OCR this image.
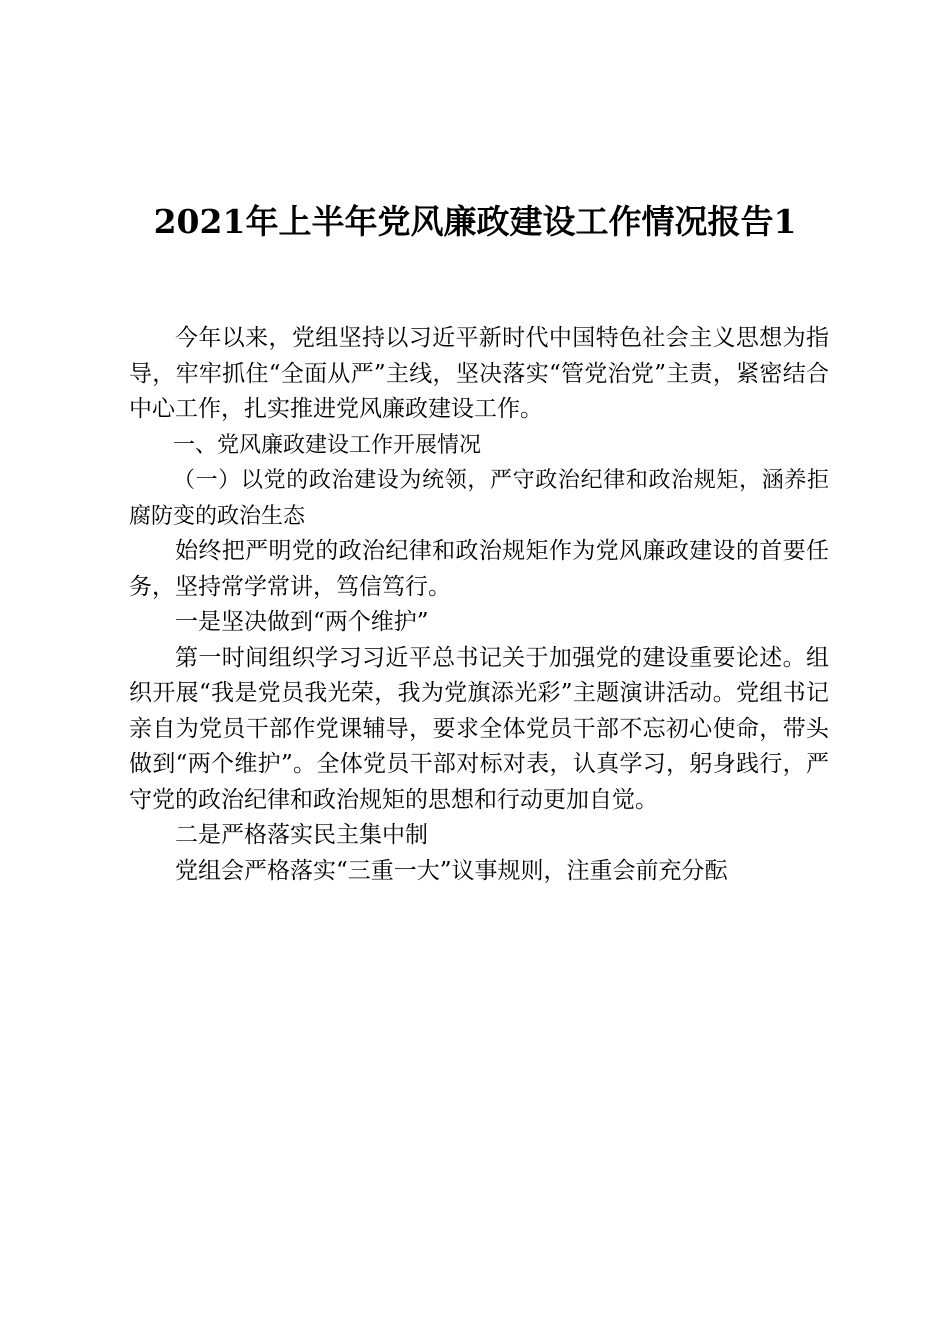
2021年上半年党风廉政建设工作情况报告1

今年以来，党组坚持以习近平新时代中国特色社会主义思想为指导，牢牢抓住“全面从严”主线，坚决落实“管党治党”主责，紧密结合中心工作，扎实推进党风廉政建设工作。

一、党风廉政建设工作开展情况

（一）以党的政治建设为统领，严守政治纪律和政治规矩，涵养拒腐防变的政治生态

始终把严明党的政治纪律和政治规矩作为党风廉政建设的首要任务，坚持常学常讲，笃信笃行。

一是坚决做到“两个维护”

第一时间组织学习习近平总书记关于加强党的建设重要论述。组织开展“我是党员我光荣，我为党旗添光彩”主题演讲活动。党组书记亲自为党员干部作党课辅导，要求全体党员干部不忘初心使命，带头做到“两个维护”。全体党员干部对标对表，认真学习，躬身践行，严守党的政治纪律和政治规矩的思想和行动更加自觉。

二是严格落实民主集中制

党组会严格落实“三重一大”议事规则，注重会前充分酝
